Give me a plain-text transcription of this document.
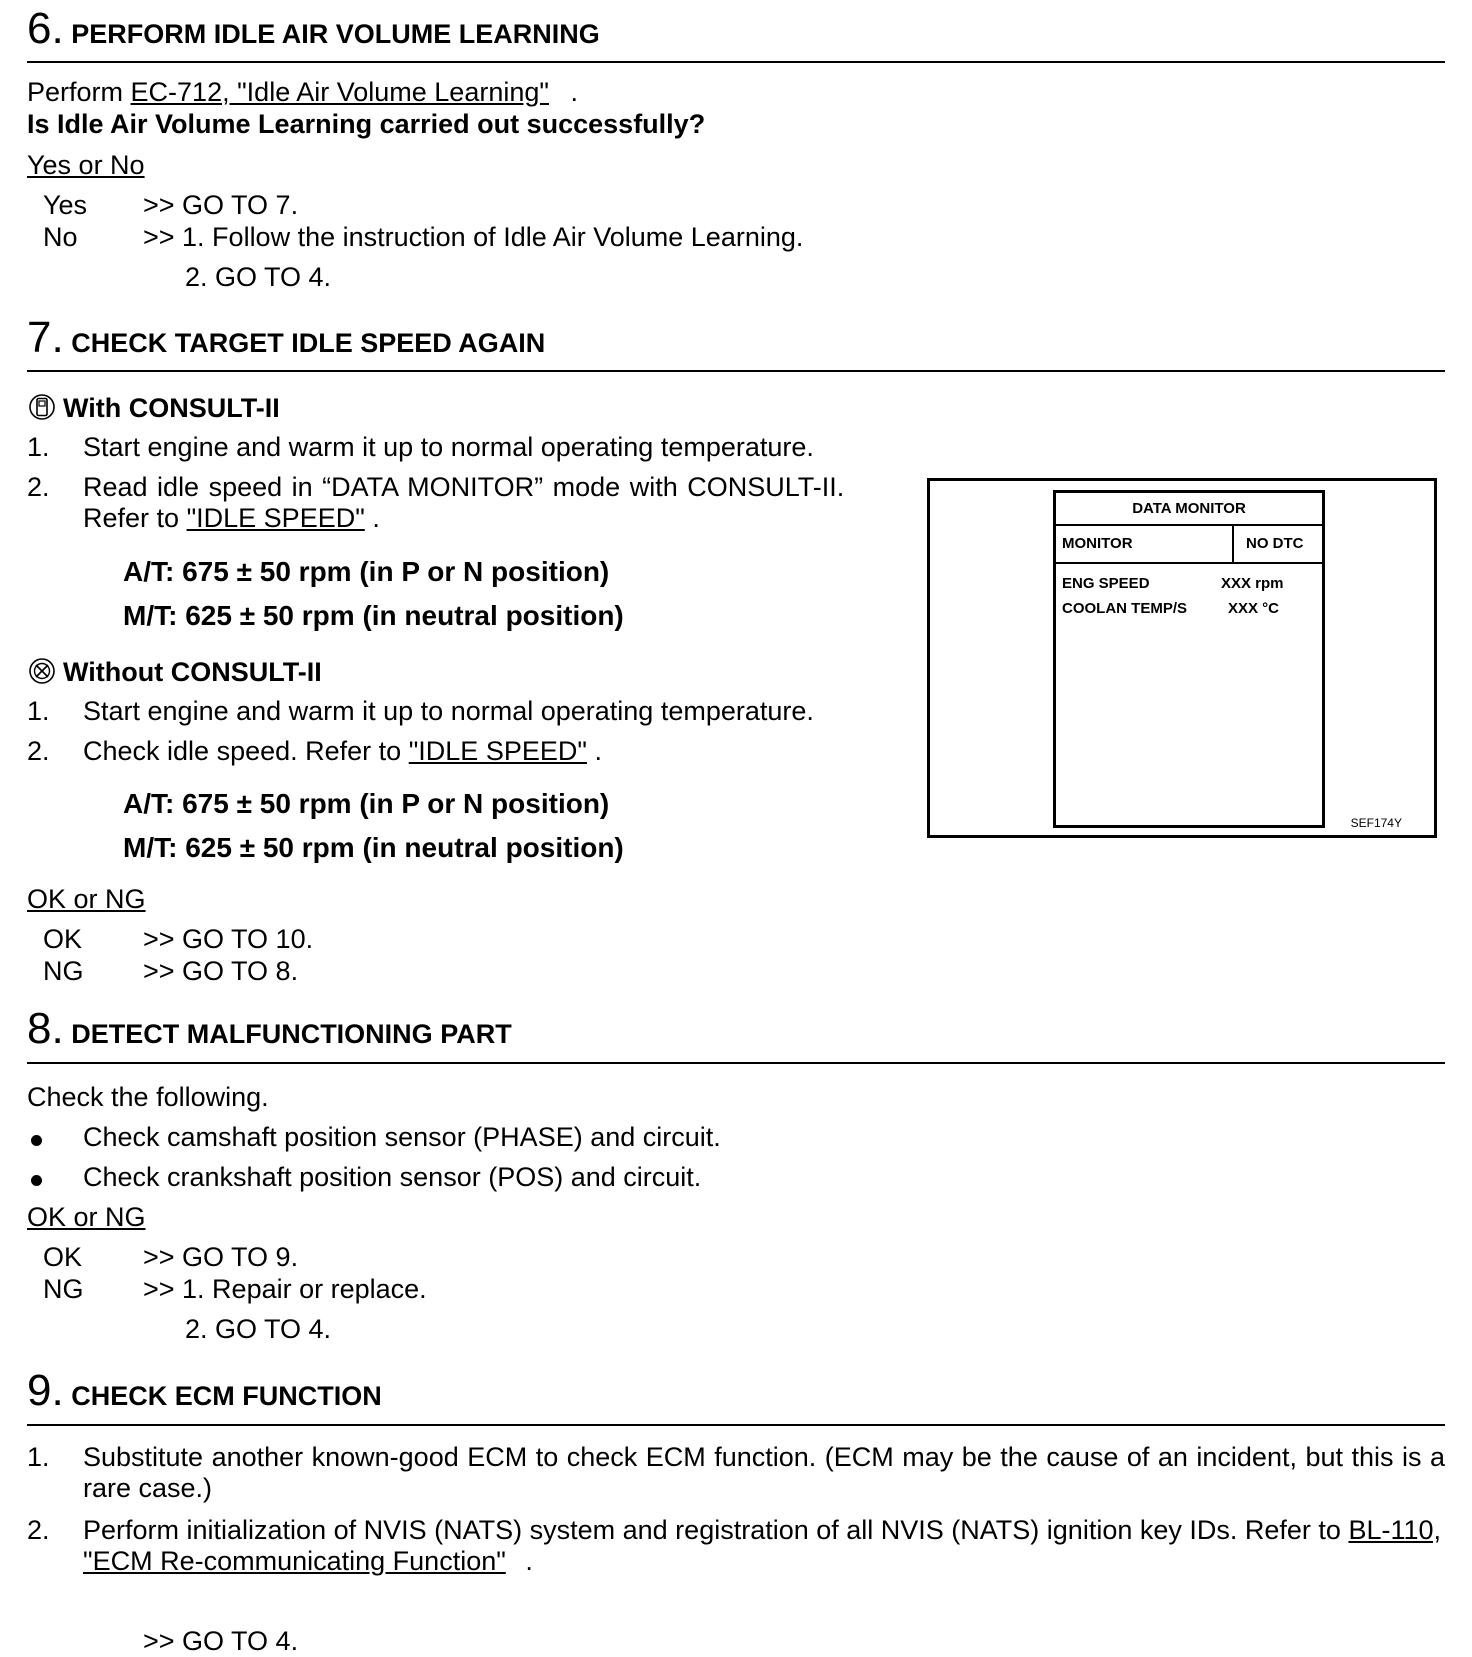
6. PERFORM IDLE AIR VOLUME LEARNING
Perform EC-712, "Idle Air Volume Learning" .
Is Idle Air Volume Learning carried out successfully?
Yes or No
Yes >> GO TO 7.
No >> 1. Follow the instruction of Idle Air Volume Learning.
2. GO TO 4.
7. CHECK TARGET IDLE SPEED AGAIN
With CONSULT-II
1. Start engine and warm it up to normal operating temperature.
2. Read idle speed in “DATA MONITOR” mode with CONSULT-II.
Refer to "IDLE SPEED" .
A/T: 675 ± 50 rpm (in P or N position)
M/T: 625 ± 50 rpm (in neutral position)
Without CONSULT-II
1. Start engine and warm it up to normal operating temperature.
2. Check idle speed. Refer to "IDLE SPEED" .
A/T: 675 ± 50 rpm (in P or N position)
M/T: 625 ± 50 rpm (in neutral position)
OK or NG
OK >> GO TO 10.
NG >> GO TO 8.
DATA MONITOR
MONITOR	NO DTC
ENG SPEED	XXX rpm
COOLAN TEMP/S	XXX °C
SEF174Y
8. DETECT MALFUNCTIONING PART
Check the following.
Check camshaft position sensor (PHASE) and circuit.
Check crankshaft position sensor (POS) and circuit.
OK or NG
OK >> GO TO 9.
NG >> 1. Repair or replace.
2. GO TO 4.
9. CHECK ECM FUNCTION
1. Substitute another known-good ECM to check ECM function. (ECM may be the cause of an incident, but this is a rare case.)
2. Perform initialization of NVIS (NATS) system and registration of all NVIS (NATS) ignition key IDs. Refer to BL-110, "ECM Re-communicating Function" .
>> GO TO 4.
